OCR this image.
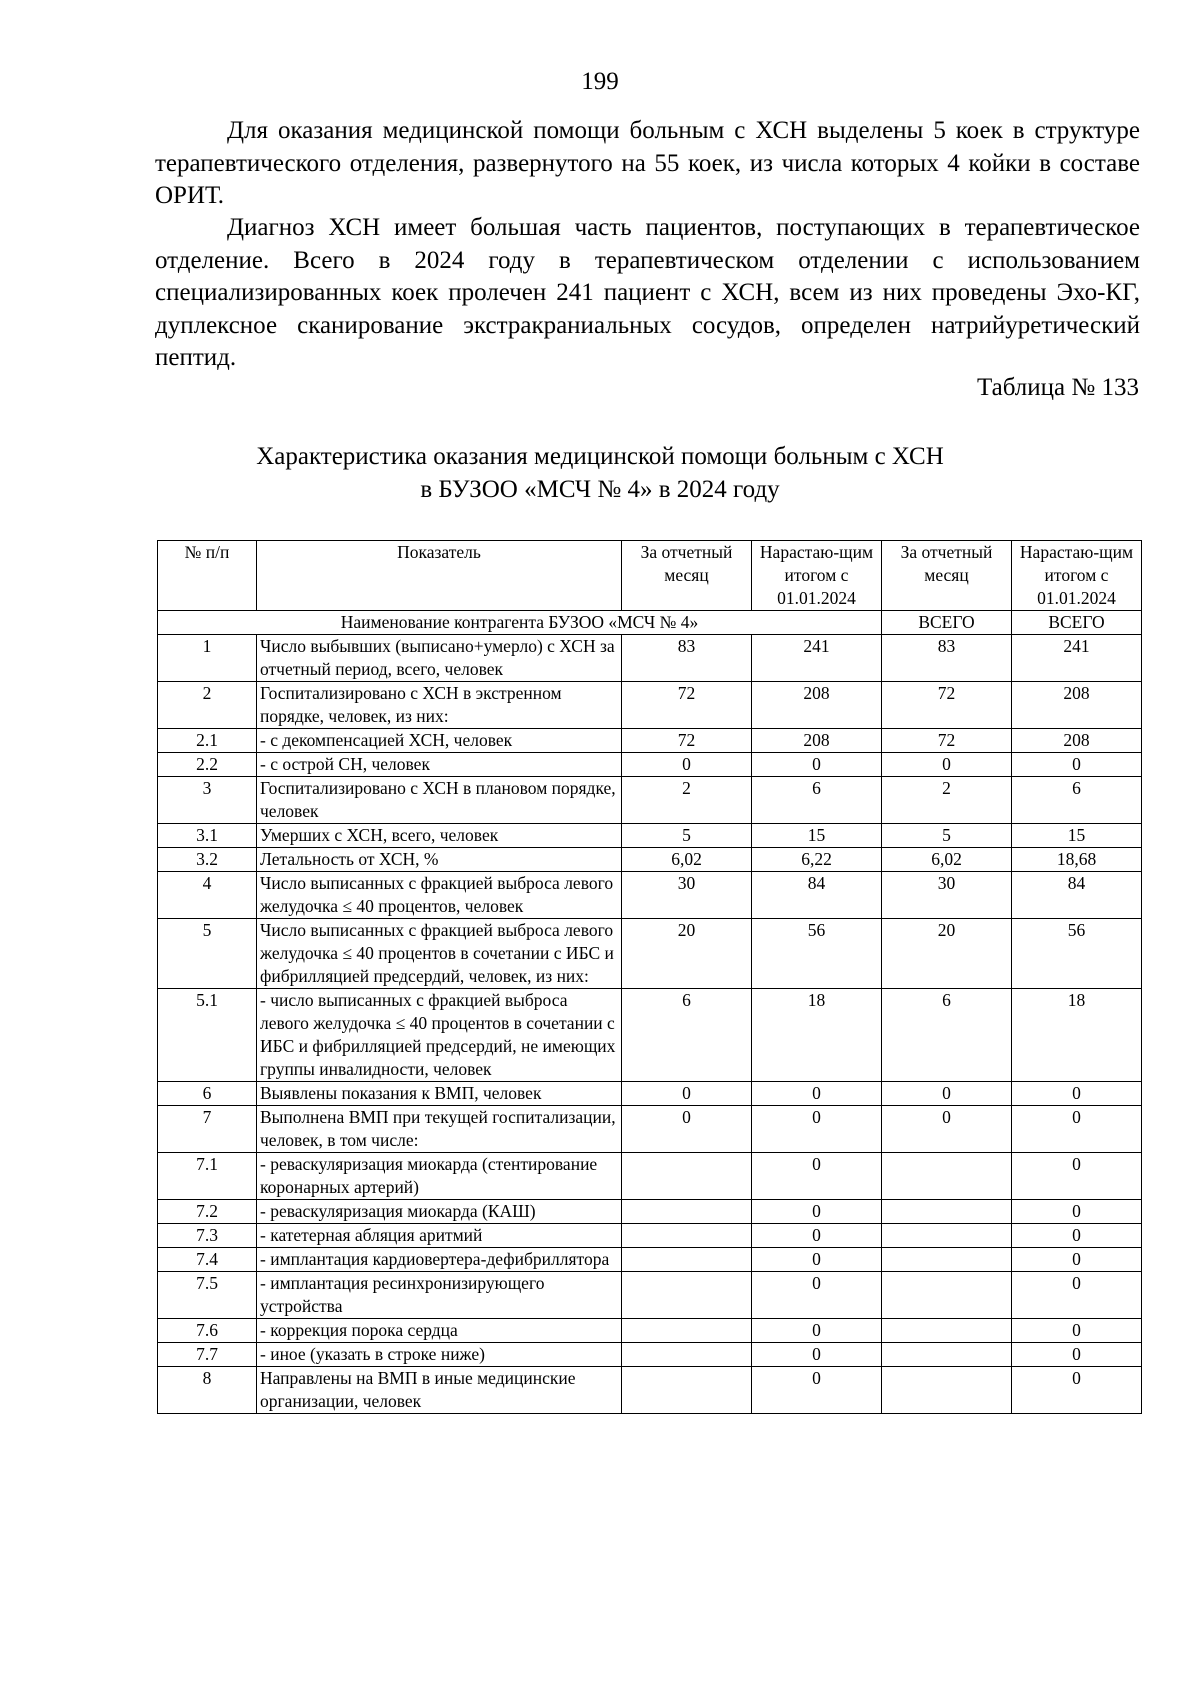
199

Для оказания медицинской помощи больным с ХСН выделены 5 коек в структуре терапевтического отделения, развернутого на 55 коек, из числа которых 4 койки в составе ОРИТ.

Диагноз ХСН имеет большая часть пациентов, поступающих в терапевтическое отделение. Всего в 2024 году в терапевтическом отделении с использованием специализированных коек пролечен 241 пациент с ХСН, всем из них проведены Эхо-КГ, дуплексное сканирование экстракраниальных сосудов, определен натрийуретический пептид.

Таблица № 133
Характеристика оказания медицинской помощи больным с ХСН
в БУЗОО «МСЧ № 4» в 2024 году
№ п/п	Показатель	За отчетный месяц	Нарастаю-щим итогом с 01.01.2024	За отчетный месяц	Нарастаю-щим итогом с 01.01.2024
Наименование контрагента БУЗОО «МСЧ № 4»				ВСЕГО	ВСЕГО
1	Число выбывших (выписано+умерло) с ХСН за отчетный период, всего, человек	83	241	83	241
2	Госпитализировано с ХСН в экстренном порядке, человек, из них:	72	208	72	208
2.1	- с декомпенсацией ХСН, человек	72	208	72	208
2.2	- с острой СН, человек	0	0	0	0
3	Госпитализировано с ХСН в плановом порядке, человек	2	6	2	6
3.1	Умерших с ХСН, всего, человек	5	15	5	15
3.2	Летальность от ХСН, %	6,02	6,22	6,02	18,68
4	Число выписанных с фракцией выброса левого желудочка ≤ 40 процентов, человек	30	84	30	84
5	Число выписанных с фракцией выброса левого желудочка ≤ 40 процентов в сочетании с ИБС и фибрилляцией предсердий, человек, из них:	20	56	20	56
5.1	- число выписанных с фракцией выброса левого желудочка ≤ 40 процентов в сочетании с ИБС и фибрилляцией предсердий, не имеющих группы инвалидности, человек	6	18	6	18
6	Выявлены показания к ВМП, человек	0	0	0	0
7	Выполнена ВМП при текущей госпитализации, человек, в том числе:	0	0	0	0
7.1	- реваскуляризация миокарда (стентирование коронарных артерий)		0		0
7.2	- реваскуляризация миокарда (КАШ)		0		0
7.3	- катетерная абляция аритмий		0		0
7.4	- имплантация кардиовертера-дефибриллятора		0		0
7.5	- имплантация ресинхронизирующего устройства		0		0
7.6	- коррекция порока сердца		0		0
7.7	- иное (указать в строке ниже)		0		0
8	Направлены на ВМП в иные медицинские организации, человек		0		0
